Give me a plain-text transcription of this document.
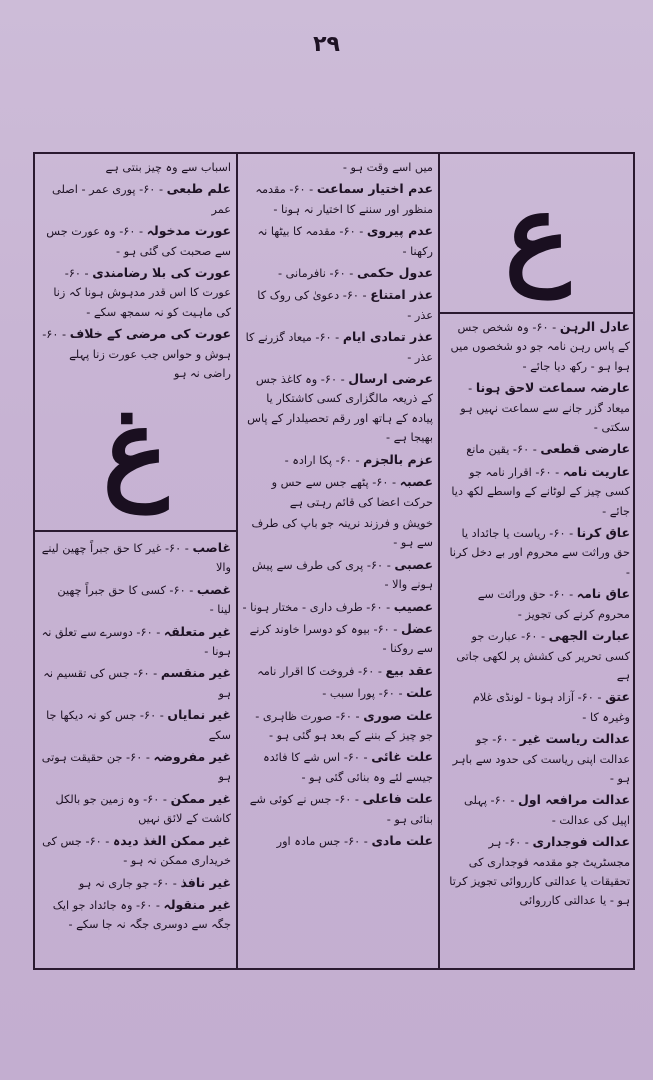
۲۹
ع
غ

عادل الرہن - ۶۰- وہ شخص جس کے پاس رہن نامہ جو دو شخصوں میں ہوا ہو - رکھ دیا جائے -

عارضہ سماعت لاحق ہونا - میعاد گزر جانے سے سماعت نہیں ہو سکتی -

عارضی قطعی - ۶۰- یقین مانع

عاریت نامہ - ۶۰- اقرار نامہ جو کسی چیز کے لوٹانے کے واسطے لکھ دیا جائے -

عاق کرنا - ۶۰- ریاست یا جائداد یا حق وراثت سے محروم اور بے دخل کرنا -

عاق نامہ - ۶۰- حق وراثت سے محروم کرنے کی تجویز -

عبارت الجھی - ۶۰- عبارت جو کسی تحریر کی کشش پر لکھی جاتی ہے

عتق - ۶۰- آزاد ہونا - لونڈی غلام وغیرہ کا -

عدالت ریاست غیر - ۶۰- جو عدالت اپنی ریاست کی حدود سے باہر ہو -

عدالت مرافعہ اول - ۶۰- پہلی اپیل کی عدالت -

عدالت فوجداری - ۶۰- ہر مجسٹریٹ جو مقدمہ فوجداری کی تحقیقات یا عدالتی کارروائی تجویز کرتا ہو - یا عدالتی کارروائی

میں اسے وقت ہو -

عدم اختیار سماعت - ۶۰- مقدمہ منظور اور سننے کا اختیار نہ ہونا -

عدم پیروی - ۶۰- مقدمہ کا بیٹھا نہ رکھنا -

عدول حکمی - ۶۰- نافرمانی -

عذر امتناع - ۶۰- دعویٰ کی روک کا عذر -

عذر تمادی ایام - ۶۰- میعاد گزرنے کا عذر -

عرضی ارسال - ۶۰- وہ کاغذ جس کے ذریعہ مالگزاری کسی کاشتکار یا پیادہ کے ہاتھ اور رقم تحصیلدار کے پاس بھیجا ہے -

عزم بالجزم - ۶۰- پکا ارادہ -

عصبہ - ۶۰- پٹھے جس سے حس و حرکت اعضا کی قائم رہتی ہے

خویش و فرزند نرینہ جو باپ کی طرف سے ہو -

عصبی - ۶۰- پری کی طرف سے پیش ہونے والا -

عصیب - ۶۰- طرف داری - مختار ہونا -

عضل - ۶۰- بیوہ کو دوسرا خاوند کرنے سے روکنا -

عقد بیع - ۶۰- فروخت کا اقرار نامہ

علت - ۶۰- پورا سبب -

علت صوری - ۶۰- صورت ظاہری - جو چیز کے بننے کے بعد ہو گئی ہو -

علت غائی - ۶۰- اس شے کا فائدہ جیسے لئے وہ بنائی گئی ہو -

علت فاعلی - ۶۰- جس نے کوئی شے بنائی ہو -

علت مادی - ۶۰- جس مادہ اور

اسباب سے وہ چیز بنتی ہے

علم طبعی - ۶۰- پوری عمر - اصلی عمر

عورت مدخولہ - ۶۰- وہ عورت جس سے صحبت کی گئی ہو -

عورت کی بلا رضامندی - ۶۰- عورت کا اس قدر مدہوش ہونا کہ زنا کی ماہیت کو نہ سمجھ سکے -

عورت کی مرضی کے خلاف - ۶۰- ہوش و حواس جب عورت زنا پہلے راضی نہ ہو

غاصب - ۶۰- غیر کا حق جبراً چھین لینے والا

غصب - ۶۰- کسی کا حق جبراً چھین لینا -

غیر متعلقہ - ۶۰- دوسرے سے تعلق نہ ہونا -

غیر منقسم - ۶۰- جس کی تقسیم نہ ہو

غیر نمایاں - ۶۰- جس کو نہ دیکھا جا سکے

غیر مفروضہ - ۶۰- جن حقیقت ہوتی ہو

غیر ممکن - ۶۰- وہ زمین جو بالکل کاشت کے لائق نہیں

غیر ممکن الغذ دیدہ - ۶۰- جس کی خریداری ممکن نہ ہو -

غیر نافذ - ۶۰- جو جاری نہ ہو

غیر منقولہ - ۶۰- وہ جائداد جو ایک جگہ سے دوسری جگہ نہ جا سکے -
